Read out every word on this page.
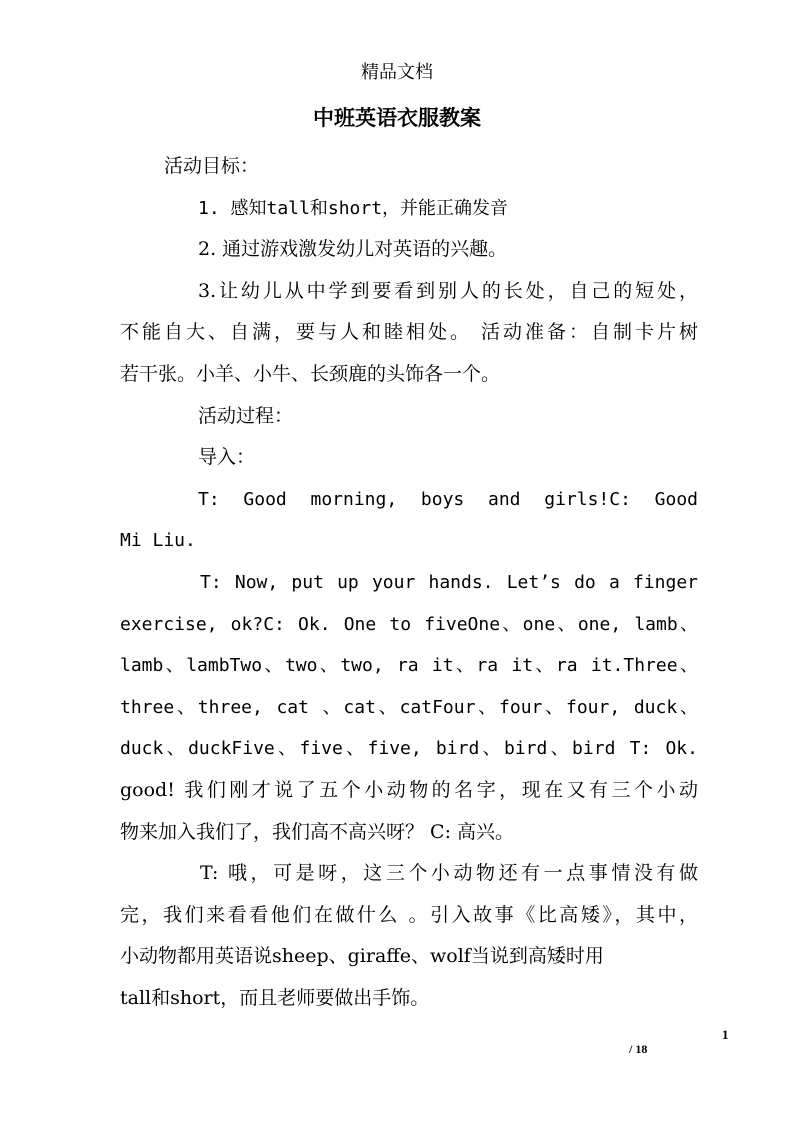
精品文档
中班英语衣服教案
活动目标：
1. 感知tall和short，并能正确发音
2. 通过游戏激发幼儿对英语的兴趣。
3.让幼儿从中学到要看到别人的长处，自己的短处，
不能自大、自满，要与人和睦相处。 活动准备：自制卡片树
若干张。小羊、小牛、长颈鹿的头饰各一个。
活动过程：
导入：
T: Good morning, boys and girls!C: Good
Mi Liu.
T: Now, put up your hands. Let’s do a finger
exercise, ok?C: Ok. One to fiveOne、one、one, lamb、
lamb、lambTwo、two、two, ra it、ra it、ra it.Three、
three、three, cat 、cat、catFour、four、four, duck、
duck、duckFive、five、five, bird、bird、bird T: Ok.
good! 我们刚才说了五个小动物的名字，现在又有三个小动
物来加入我们了，我们高不高兴呀？ C: 高兴。
T: 哦，可是呀，这三个小动物还有一点事情没有做
完，我们来看看他们在做什么 。引入故事《比高矮》，其中，
小动物都用英语说sheep、giraffe、wolf当说到高矮时用
tall和short，而且老师要做出手饰。
1
/ 18
